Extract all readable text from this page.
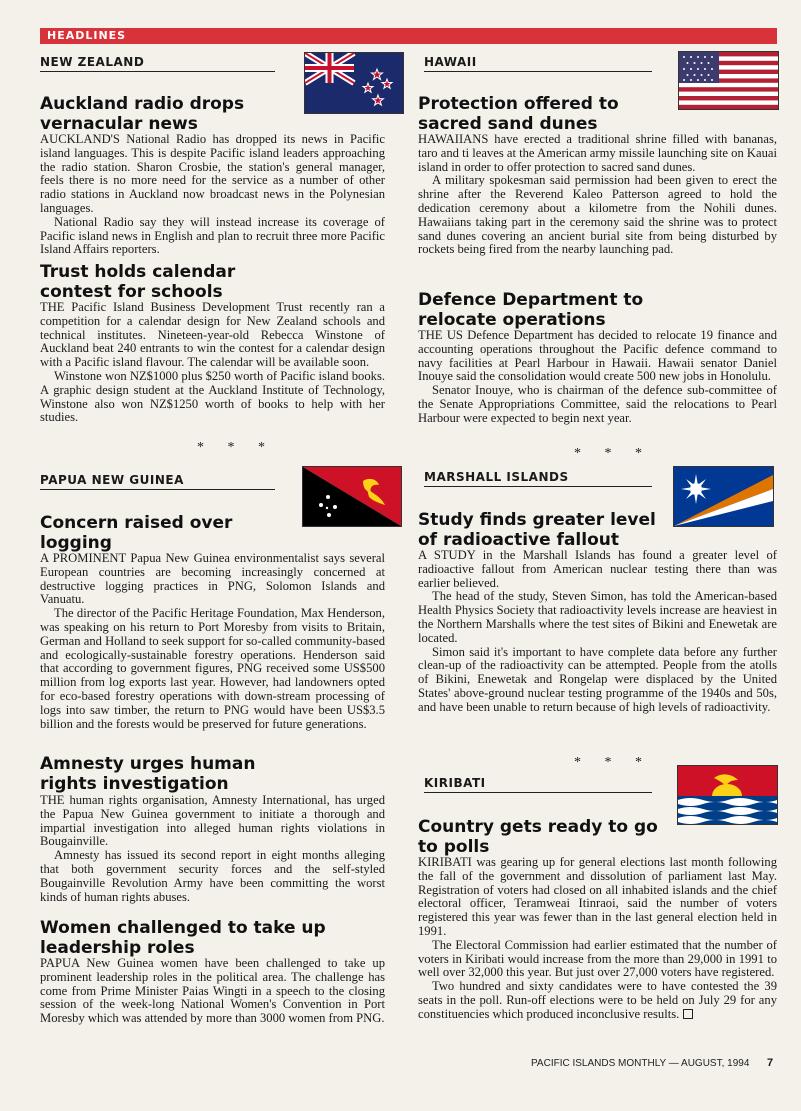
HEADLINES
NEW ZEALAND
Auckland radio drops vernacular news

AUCKLAND'S National Radio has dropped its news in Pacific island languages. This is despite Pacific island leaders approaching the radio station. Sharon Crosbie, the station's general manager, feels there is no more need for the service as a number of other radio stations in Auckland now broadcast news in the Polynesian languages.

National Radio say they will instead increase its coverage of Pacific island news in English and plan to recruit three more Pacific Island Affairs reporters.

Trust holds calendar contest for schools

THE Pacific Island Business Development Trust recently ran a competition for a calendar design for New Zealand schools and technical institutes. Nineteen-year-old Rebecca Winstone of Auckland beat 240 entrants to win the contest for a calendar design with a Pacific island flavour. The calendar will be available soon.

Winstone won NZ$1000 plus $250 worth of Pacific island books. A graphic design student at the Auckland Institute of Technology, Winstone also won NZ$1250 worth of books to help with her studies.

* * *
PAPUA NEW GUINEA
Concern raised over logging

A PROMINENT Papua New Guinea environmentalist says several European countries are becoming increasingly concerned at destructive logging practices in PNG, Solomon Islands and Vanuatu.

The director of the Pacific Heritage Foundation, Max Henderson, was speaking on his return to Port Moresby from visits to Britain, German and Holland to seek support for so-called community-based and ecologically-sustainable forestry operations. Henderson said that according to government figures, PNG received some US$500 million from log exports last year. However, had landowners opted for eco-based forestry operations with down-stream processing of logs into saw timber, the return to PNG would have been US$3.5 billion and the forests would be preserved for future generations.

Amnesty urges human rights investigation

THE human rights organisation, Amnesty International, has urged the Papua New Guinea government to initiate a thorough and impartial investigation into alleged human rights violations in Bougainville.

Amnesty has issued its second report in eight months alleging that both government security forces and the self-styled Bougainville Revolution Army have been committing the worst kinds of human rights abuses.

Women challenged to take up leadership roles

PAPUA New Guinea women have been challenged to take up prominent leadership roles in the political area. The challenge has come from Prime Minister Paias Wingti in a speech to the closing session of the week-long National Women's Convention in Port Moresby which was attended by more than 3000 women from PNG.

HAWAII
Protection offered to sacred sand dunes

HAWAIIANS have erected a traditional shrine filled with bananas, taro and ti leaves at the American army missile launching site on Kauai island in order to offer protection to sacred sand dunes.

A military spokesman said permission had been given to erect the shrine after the Reverend Kaleo Patterson agreed to hold the dedication ceremony about a kilometre from the Nohili dunes. Hawaiians taking part in the ceremony said the shrine was to protect sand dunes covering an ancient burial site from being disturbed by rockets being fired from the nearby launching pad.

Defence Department to relocate operations

THE US Defence Department has decided to relocate 19 finance and accounting operations throughout the Pacific defence command to navy facilities at Pearl Harbour in Hawaii. Hawaii senator Daniel Inouye said the consolidation would create 500 new jobs in Honolulu.

Senator Inouye, who is chairman of the defence sub-committee of the Senate Appropriations Committee, said the relocations to Pearl Harbour were expected to begin next year.

* * *
MARSHALL ISLANDS
Study finds greater level of radioactive fallout

A STUDY in the Marshall Islands has found a greater level of radioactive fallout from American nuclear testing there than was earlier believed.

The head of the study, Steven Simon, has told the American-based Health Physics Society that radioactivity levels increase are heaviest in the Northern Marshalls where the test sites of Bikini and Enewetak are located.

Simon said it's important to have complete data before any further clean-up of the radioactivity can be attempted. People from the atolls of Bikini, Enewetak and Rongelap were displaced by the United States' above-ground nuclear testing programme of the 1940s and 50s, and have been unable to return because of high levels of radioactivity.

* * *
KIRIBATI
Country gets ready to go to polls

KIRIBATI was gearing up for general elections last month following the fall of the government and dissolution of parliament last May. Registration of voters had closed on all inhabited islands and the chief electoral officer, Teramweai Itinraoi, said the number of voters registered this year was fewer than in the last general election held in 1991.

The Electoral Commission had earlier estimated that the number of voters in Kiribati would increase from the more than 29,000 in 1991 to well over 32,000 this year. But just over 27,000 voters have registered.

Two hundred and sixty candidates were to have contested the 39 seats in the poll. Run-off elections were to be held on July 29 for any constituencies which produced inconclusive results.

PACIFIC ISLANDS MONTHLY — AUGUST, 1994 7
